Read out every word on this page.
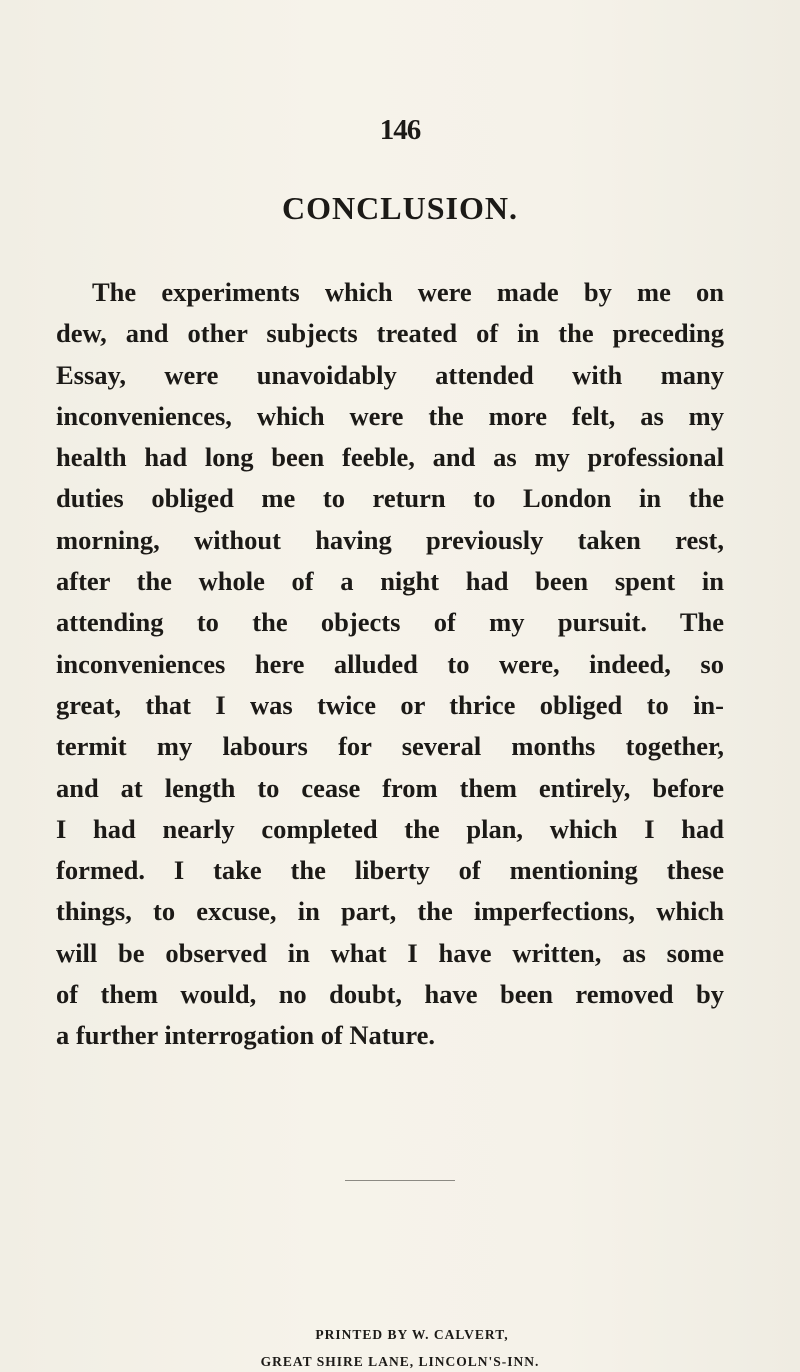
146
CONCLUSION.
The experiments which were made by me on
dew, and other subjects treated of in the preceding
Essay, were unavoidably attended with many
inconveniences, which were the more felt, as my
health had long been feeble, and as my professional
duties obliged me to return to London in the
morning, without having previously taken rest,
after the whole of a night had been spent in
attending to the objects of my pursuit. The
inconveniences here alluded to were, indeed, so
great, that I was twice or thrice obliged to in-
termit my labours for several months together,
and at length to cease from them entirely, before
I had nearly completed the plan, which I had
formed. I take the liberty of mentioning these
things, to excuse, in part, the imperfections, which
will be observed in what I have written, as some
of them would, no doubt, have been removed by
a further interrogation of Nature.
PRINTED BY W. CALVERT,
GREAT SHIRE LANE, LINCOLN'S-INN.
